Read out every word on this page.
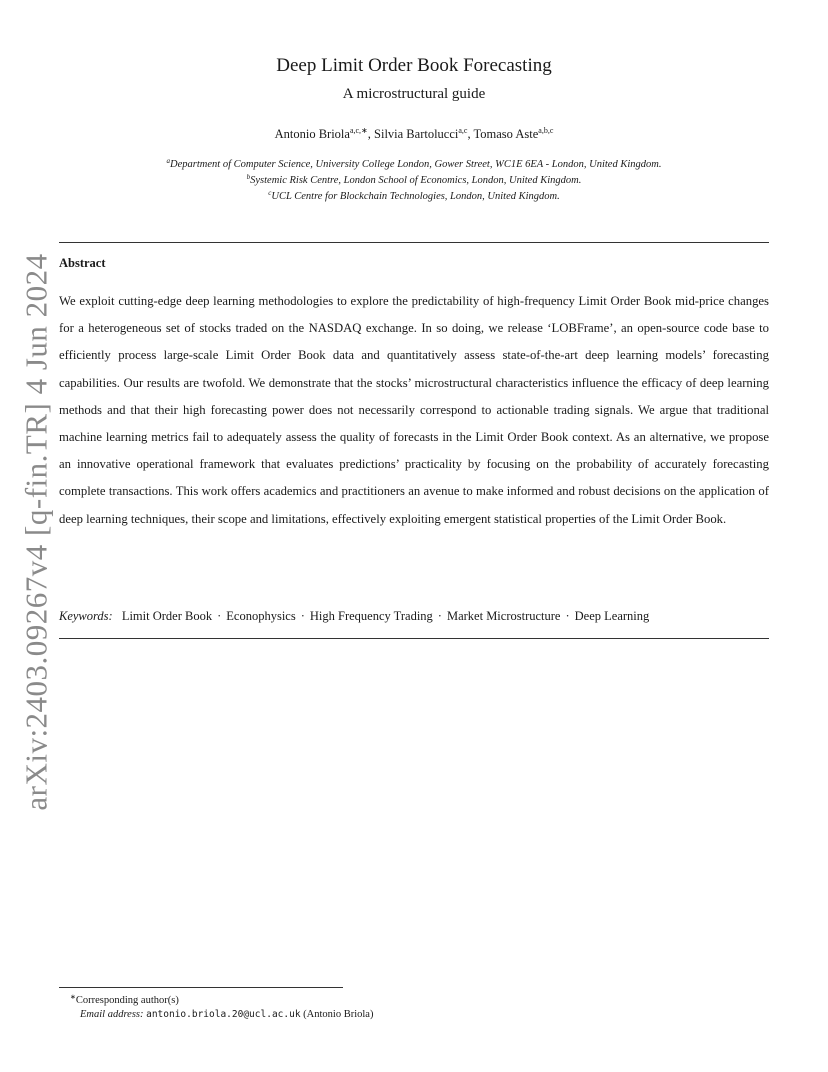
arXiv:2403.09267v4 [q-fin.TR] 4 Jun 2024
Deep Limit Order Book Forecasting
A microstructural guide
Antonio Briola$^{a,c,∗}$, Silvia Bartolucci$^{a,c}$, Tomaso Aste$^{a,b,c}$
$^a$Department of Computer Science, University College London, Gower Street, WC1E 6EA - London, United Kingdom.
$^b$Systemic Risk Centre, London School of Economics, London, United Kingdom.
$^c$UCL Centre for Blockchain Technologies, London, United Kingdom.
Abstract

We exploit cutting-edge deep learning methodologies to explore the predictability of high-frequency Limit Order Book mid-price changes for a heterogeneous set of stocks traded on the NASDAQ exchange. In so doing, we release ‘LOBFrame’, an open-source code base to efficiently process large-scale Limit Order Book data and quantitatively assess state-of-the-art deep learning models’ forecasting capabilities. Our results are twofold. We demonstrate that the stocks’ microstructural characteristics influence the efficacy of deep learning methods and that their high forecasting power does not necessarily correspond to actionable trading signals. We argue that traditional machine learning metrics fail to adequately assess the quality of forecasts in the Limit Order Book context. As an alternative, we propose an innovative operational framework that evaluates predictions’ practicality by focusing on the probability of accurately forecasting complete transactions. This work offers academics and practitioners an avenue to make informed and robust decisions on the application of deep learning techniques, their scope and limitations, effectively exploiting emergent statistical properties of the Limit Order Book.

Keywords: Limit Order Book · Econophysics · High Frequency Trading · Market Microstructure · Deep Learning
∗Corresponding author(s)
Email address: antonio.briola.20@ucl.ac.uk (Antonio Briola)
